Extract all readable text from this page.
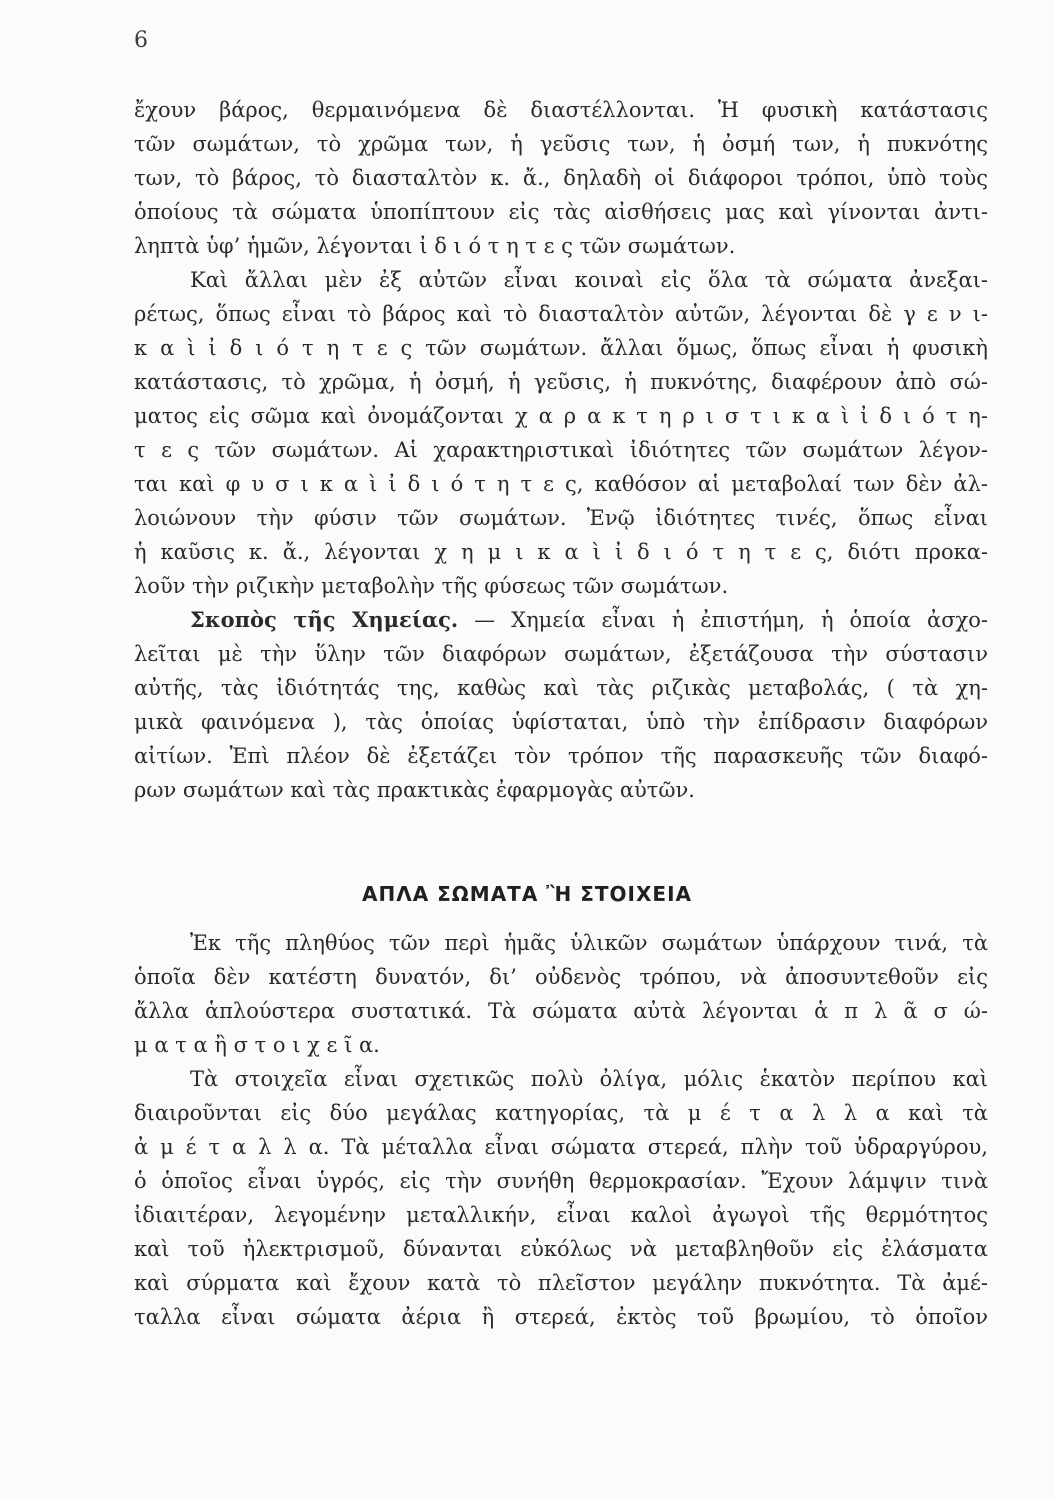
6
ἔχουν βάρος, θερμαινόμενα δὲ διαστέλλονται. Ἡ φυσικὴ κατάστασις
τῶν σωμάτων, τὸ χρῶμα των, ἡ γεῦσις των, ἡ ὀσμή των, ἡ πυκνότης
των, τὸ βάρος, τὸ διασταλτὸν κ. ἄ., δηλαδὴ οἱ διάφοροι τρόποι, ὑπὸ τοὺς
ὁποίους τὰ σώματα ὑποπίπτουν εἰς τὰς αἰσθήσεις μας καὶ γίνονται ἀντι-
ληπτὰ ὑφ’ ἡμῶν, λέγονται ἰ δ ι ό τ η τ ε ς τῶν σωμάτων.
Καὶ ἄλλαι μὲν ἐξ αὐτῶν εἶναι κοιναὶ εἰς ὅλα τὰ σώματα ἀνεξαι-
ρέτως, ὅπως εἶναι τὸ βάρος καὶ τὸ διασταλτὸν αὐτῶν, λέγονται δὲ γ ε ν ι-
κ α ὶ ἰ δ ι ό τ η τ ε ς τῶν σωμάτων. ἄλλαι ὅμως, ὅπως εἶναι ἡ φυσικὴ
κατάστασις, τὸ χρῶμα, ἡ ὀσμή, ἡ γεῦσις, ἡ πυκνότης, διαφέρουν ἀπὸ σώ-
ματος εἰς σῶμα καὶ ὀνομάζονται χ α ρ α κ τ η ρ ι σ τ ι κ α ὶ ἰ δ ι ό τ η-
τ ε ς τῶν σωμάτων. Αἱ χαρακτηριστικαὶ ἰδιότητες τῶν σωμάτων λέγον-
ται καὶ φ υ σ ι κ α ὶ ἰ δ ι ό τ η τ ε ς, καθόσον αἱ μεταβολαί των δὲν ἀλ-
λοιώνουν τὴν φύσιν τῶν σωμάτων. Ἐνῷ ἰδιότητες τινές, ὅπως εἶναι
ἡ καῦσις κ. ἄ., λέγονται χ η μ ι κ α ὶ ἰ δ ι ό τ η τ ε ς, διότι προκα-
λοῦν τὴν ριζικὴν μεταβολὴν τῆς φύσεως τῶν σωμάτων.
Σκοπὸς τῆς Χημείας. — Χημεία εἶναι ἡ ἐπιστήμη, ἡ ὁποία ἀσχο-
λεῖται μὲ τὴν ὕλην τῶν διαφόρων σωμάτων, ἐξετάζουσα τὴν σύστασιν
αὐτῆς, τὰς ἰδιότητάς της, καθὼς καὶ τὰς ριζικὰς μεταβολάς, ( τὰ χη-
μικὰ φαινόμενα ), τὰς ὁποίας ὑφίσταται, ὑπὸ τὴν ἐπίδρασιν διαφόρων
αἰτίων. Ἐπὶ πλέον δὲ ἐξετάζει τὸν τρόπον τῆς παρασκευῆς τῶν διαφό-
ρων σωμάτων καὶ τὰς πρακτικὰς ἐφαρμογὰς αὐτῶν.
ΑΠΛΑ ΣΩΜΑΤΑ Ἢ ΣΤΟΙΧΕΙΑ
Ἐκ τῆς πληθύος τῶν περὶ ἡμᾶς ὑλικῶν σωμάτων ὑπάρχουν τινά, τὰ
ὁποῖα δὲν κατέστη δυνατόν, δι’ οὐδενὸς τρόπου, νὰ ἀποσυντεθοῦν εἰς
ἄλλα ἁπλούστερα συστατικά. Τὰ σώματα αὐτὰ λέγονται ἁ π λ ᾶ σ ώ-
μ α τ α ἢ σ τ ο ι χ ε ῖ α.
Τὰ στοιχεῖα εἶναι σχετικῶς πολὺ ὀλίγα, μόλις ἑκατὸν περίπου καὶ
διαιροῦνται εἰς δύο μεγάλας κατηγορίας, τὰ μ έ τ α λ λ α καὶ τὰ
ἀ μ έ τ α λ λ α. Τὰ μέταλλα εἶναι σώματα στερεά, πλὴν τοῦ ὑδραργύρου,
ὁ ὁποῖος εἶναι ὑγρός, εἰς τὴν συνήθη θερμοκρασίαν. Ἔχουν λάμψιν τινὰ
ἰδιαιτέραν, λεγομένην μεταλλικήν, εἶναι καλοὶ ἀγωγοὶ τῆς θερμότητος
καὶ τοῦ ἠλεκτρισμοῦ, δύνανται εὐκόλως νὰ μεταβληθοῦν εἰς ἐλάσματα
καὶ σύρματα καὶ ἔχουν κατὰ τὸ πλεῖστον μεγάλην πυκνότητα. Τὰ ἀμέ-
ταλλα εἶναι σώματα ἀέρια ἢ στερεά, ἐκτὸς τοῦ βρωμίου, τὸ ὁποῖον
